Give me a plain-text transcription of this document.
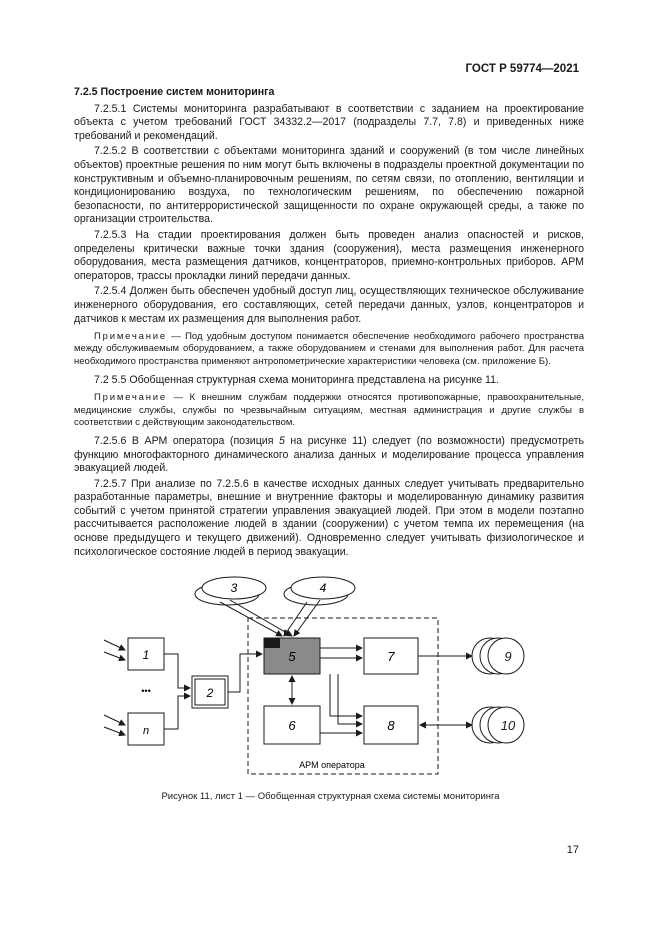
ГОСТ Р 59774—2021

7.2.5 Построение систем мониторинга

7.2.5.1 Системы мониторинга разрабатывают в соответствии с заданием на проектирование объекта с учетом требований ГОСТ 34332.2—2017 (подразделы 7.7, 7.8) и приведенных ниже требований и рекомендаций.

7.2.5.2 В соответствии с объектами мониторинга зданий и сооружений (в том числе линейных объектов) проектные решения по ним могут быть включены в подразделы проектной документации по конструктивным и объемно-планировочным решениям, по сетям связи, по отоплению, вентиляции и кондиционированию воздуха, по технологическим решениям, по обеспечению пожарной безопасности, по антитеррористической защищенности по охране окружающей среды, а также по организации строительства.

7.2.5.3 На стадии проектирования должен быть проведен анализ опасностей и рисков, определены критически важные точки здания (сооружения), места размещения инженерного оборудования, места размещения датчиков, концентраторов, приемно-контрольных приборов. АРМ операторов, трассы прокладки линий передачи данных.

7.2.5.4 Должен быть обеспечен удобный доступ лиц, осуществляющих техническое обслуживание инженерного оборудования, его составляющих, сетей передачи данных, узлов, концентраторов и датчиков к местам их размещения для выполнения работ.

Примечание — Под удобным доступом понимается обеспечение необходимого рабочего пространства между обслуживаемым оборудованием, а также оборудованием и стенами для выполнения работ. Для расчета необходимого пространства применяют антропометрические характеристики человека (см. приложение Б).

7.2 5.5 Обобщенная структурная схема мониторинга представлена на рисунке 11.

Примечание — К внешним службам поддержки относятся противопожарные, правоохранительные, медицинские службы, службы по чрезвычайным ситуациям, местная администрация и другие службы в соответствии с действующим законодательством.

7.2.5.6 В АРМ оператора (позиция 5 на рисунке 11) следует (по возможности) предусмотреть функцию многофакторного динамического анализа данных и моделирование процесса управления эвакуацией людей.

7.2.5.7 При анализе по 7.2.5.6 в качестве исходных данных следует учитывать предварительно разработанные параметры, внешние и внутренние факторы и моделированную динамику развития событий с учетом принятой стратегии управления эвакуацией людей. При этом в модели поэтапно рассчитывается расположение людей в здании (сооружении) с учетом темпа их перемещения (на основе предыдущего и текущего движений). Одновременно следует учитывать физиологическое и психологическое состояние людей в период эвакуации.

АРМ оператора
3	4
1
•••
n
2
5
6
7
8
9
10
Рисунок 11, лист 1 — Обобщенная структурная схема системы мониторинга
17
